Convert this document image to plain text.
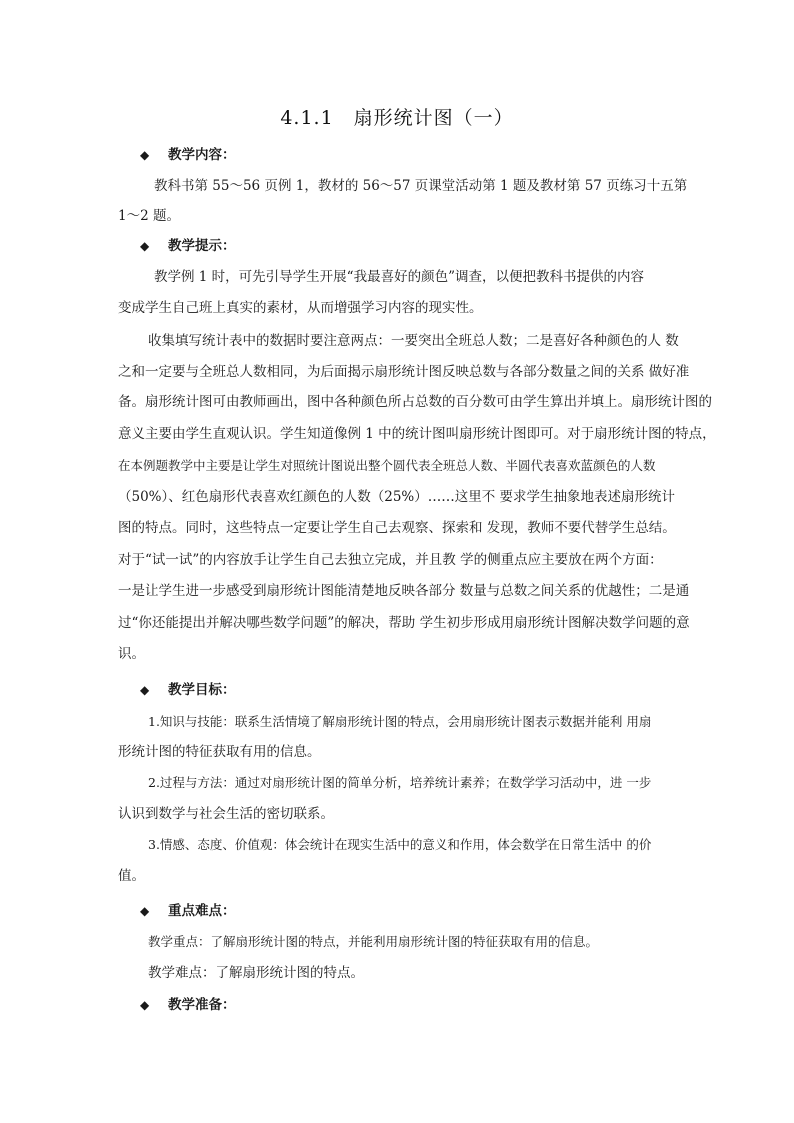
4.1.1　扇形统计图（一）
◆ 教学内容：
教科书第 55～56 页例 1，教材的 56～57 页课堂活动第 1 题及教材第 57 页练习十五第
1～2 题。
◆ 教学提示：
教学例 1 时，可先引导学生开展“我最喜好的颜色”调查，以便把教科书提供的内容
变成学生自己班上真实的素材，从而增强学习内容的现实性。
收集填写统计表中的数据时要注意两点：一要突出全班总人数；二是喜好各种颜色的人 数
之和一定要与全班总人数相同，为后面揭示扇形统计图反映总数与各部分数量之间的关系 做好准
备。扇形统计图可由教师画出，图中各种颜色所占总数的百分数可由学生算出并填上。扇形统计图的
意义主要由学生直观认识。学生知道像例 1 中的统计图叫扇形统计图即可。对于扇形统计图的特点，
在本例题教学中主要是让学生对照统计图说出整个圆代表全班总人数、半圆代表喜欢蓝颜色的人数
（50%）、红色扇形代表喜欢红颜色的人数（25%）……这里不 要求学生抽象地表述扇形统计
图的特点。同时，这些特点一定要让学生自己去观察、探索和 发现，教师不要代替学生总结。
对于“试一试”的内容放手让学生自己去独立完成，并且教 学的侧重点应主要放在两个方面：
一是让学生进一步感受到扇形统计图能清楚地反映各部分 数量与总数之间关系的优越性；二是通
过“你还能提出并解决哪些数学问题”的解决，帮助 学生初步形成用扇形统计图解决数学问题的意
识。
◆ 教学目标：
1.知识与技能：联系生活情境了解扇形统计图的特点，会用扇形统计图表示数据并能利 用扇
形统计图的特征获取有用的信息。
2.过程与方法：通过对扇形统计图的简单分析，培养统计素养；在数学学习活动中，进 一步
认识到数学与社会生活的密切联系。
3.情感、态度、价值观：体会统计在现实生活中的意义和作用，体会数学在日常生活中 的价
值。
◆ 重点难点：
教学重点：了解扇形统计图的特点，并能利用扇形统计图的特征获取有用的信息。
教学难点：了解扇形统计图的特点。
◆ 教学准备：
